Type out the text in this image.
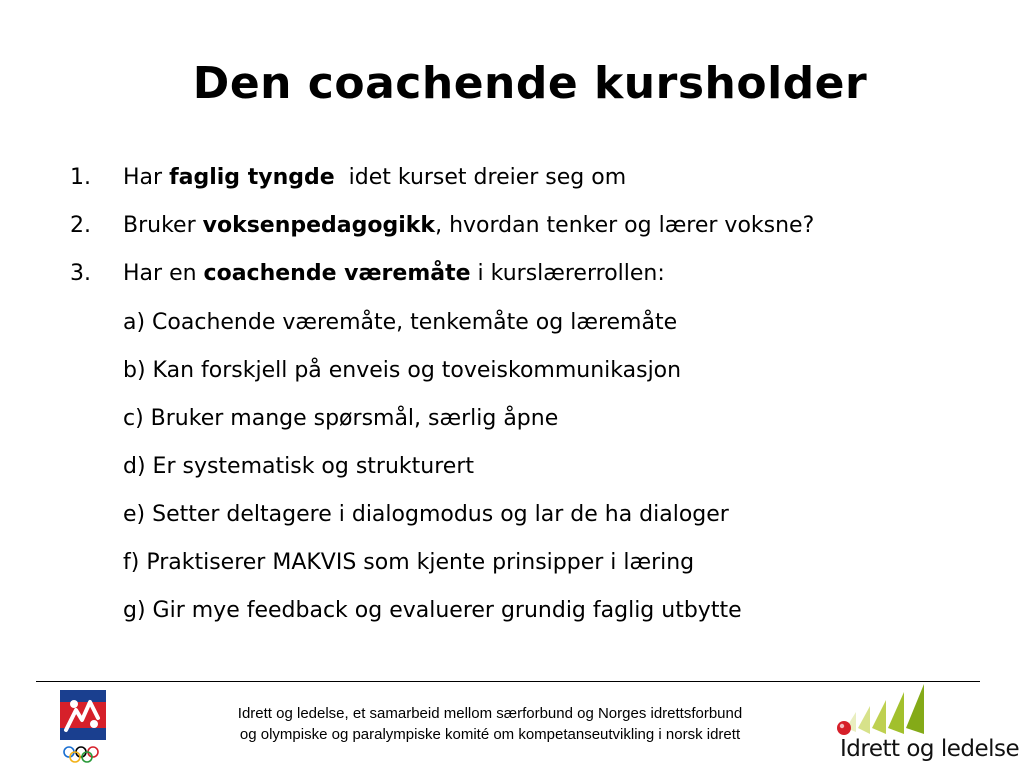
Den coachende kursholder
1. Har faglig tyngde  idet kurset dreier seg om
2. Bruker voksenpedagogikk, hvordan tenker og lærer voksne?
3. Har en coachende væremåte i kurslærerrollen:
a) Coachende væremåte, tenkemåte og læremåte
b) Kan forskjell på enveis og toveiskommunikasjon
c) Bruker mange spørsmål, særlig åpne
d) Er systematisk og strukturert
e) Setter deltagere i dialogmodus og lar de ha dialoger
f) Praktiserer MAKVIS som kjente prinsipper i læring
g) Gir mye feedback og evaluerer grundig faglig utbytte
Idrett og ledelse, et samarbeid mellom særforbund og Norges idrettsforbund
og olympiske og paralympiske komité om kompetanseutvikling i norsk idrett
Idrett og ledelse
